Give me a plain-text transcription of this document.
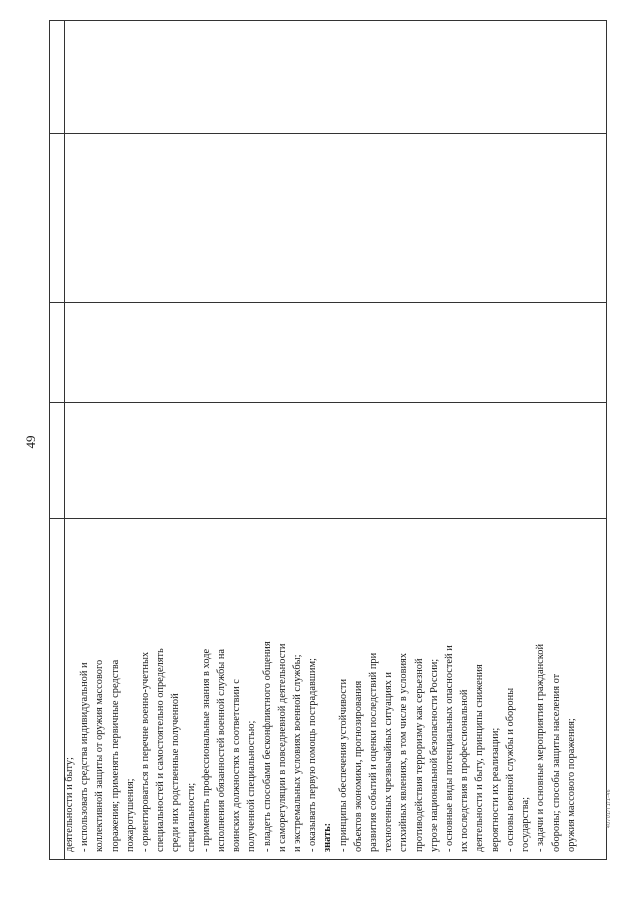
49
деятельности и быту; - использовать средства индивидуальной и коллективной защиты от оружия массового поражения; применять первичные средства пожаротушения; - ориентироваться в перечне военно-учетных специальностей и самостоятельно определять среди них родственные полученной специальности; - применять профессиональные знания в ходе исполнения обязанностей военной службы на воинских должностях в соответствии с полученной специальностью; - владеть способами бесконфликтного общения и саморегуляции в повседневной деятельности и экстремальных условиях военной службы; - оказывать первую помощь пострадавшим; знать: - принципы обеспечения устойчивости объектов экономики, прогнозирования развития событий и оценки последствий при техногенных чрезвычайных ситуациях и стихийных явлениях, в том числе в условиях противодействия терроризму как серьезной угрозе национальной безопасности России; - основные виды потенциальных опасностей и их последствия в профессиональной деятельности и быту, принципы снижения вероятности их реализации; - основы военной службы и обороны государства; - задачи и основные мероприятия гражданской обороны; способы защиты населения от оружия массового поражения;	40701/Т1/1-46
